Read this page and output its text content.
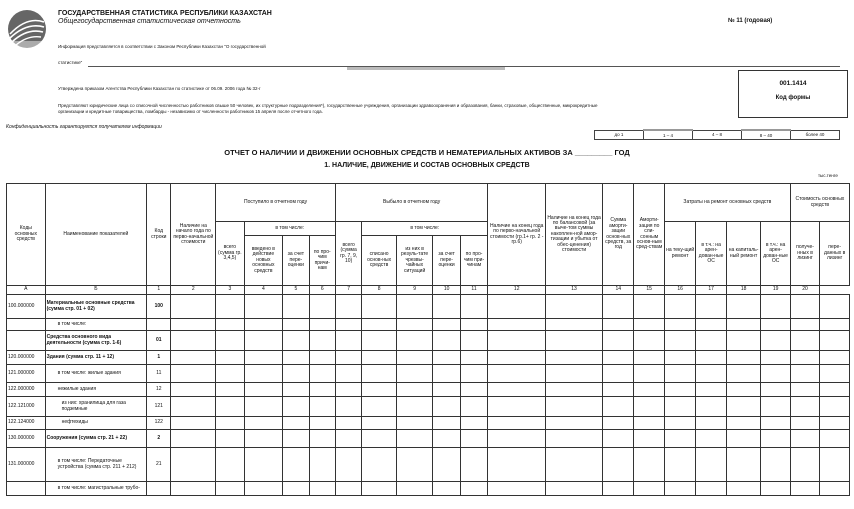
ГОСУДАРСТВЕННАЯ СТАТИСТИКА РЕСПУБЛИКИ КАЗАХСТАН
Общегосударственная статистическая отчетность	№ 11 (годовая)
Информация представляется в соответствии с Законом Республики Казахстан "О государственной
статистике"
Утверждена приказом Агентства Республики Казахстан по статистике от 06.09. 2006 года № 32-г
Представляют юридические лица со списочной численностью работников свыше 50 человек, их структурные подразделения*), государственные учреждения, организации здравоохранения и образования, банки, страховые, общественные, микрокредитные организации и кредитные товарищества, ломбарды - независимо от численности работников 15 апреля после отчетного года.
001.1414
Код формы
Конфиденциальность гарантируется получателем информации
до 1	1 – 4	4 – 8	8 – 40	более 40
ОТЧЕТ О НАЛИЧИИ И ДВИЖЕНИИ ОСНОВНЫХ СРЕДСТВ И НЕМАТЕРИАЛЬНЫХ АКТИВОВ ЗА _________ ГОД
1. НАЛИЧИЕ, ДВИЖЕНИЕ И СОСТАВ ОСНОВНЫХ СРЕДСТВ
тыс.тенге
Коды основных средств	Наименование показателей	Код строки	Наличие на начало года по перво-начальной стоимости	Поступило в отчетном году				Выбыло в отчетном году					Наличие на конец года по перво-начальной стоимости (гр.1+ гр. 2 - гр.6)	Наличие на конец года по балансовой (за выче-том суммы накоплен-ной амор-тизации и убытка от обес-ценения) стоимости	Сумма аморти-зации основ-ных средств, за год	Аморти-зация по сли-сонным основ-ным сред-ствам	Затраты на ремонт основных средств				Стоимость основных средств	
				всего (сумма гр. 3,4,5)	в том числе:			всего (сумма гр. 7, 9, 10)	в том числе:								на теку-щий ремонт	в т.ч.: на арен-дован-ные ОС	на капиталь-ный ремонт	в т.ч.: на арен-дован-ные ОС	получе-нных в лизинг	пере-данных в лизинг
					введено в действие новых основных средств	за счет пере-оценки	по про-чим причи-нам		списано основ-ных средств	из них в резуль-тате чрезвы-чайных ситуаций	за счет пере-оценки	по про-чим при-чинам										
А	Б	1	2	3	4	5	6	7	8	9	10	11	12	13	14	15	16	17	18	19	20	
100.000000	Материальные основные средства (сумма стр. 01 + 02)	100																				
	в том числе:																					
	Средства основного вида деятельности (сумма стр. 1-6)	01																				
120.000000	Здания (сумма стр. 11 + 12)	1																				
121.000000	в том числе: жилые здания	11																				
122.000000	нежилые здания	12																				
122.121000	из них: хранилища для газа подземные	121																				
122.124000	нефтехиды	122																				
130.000000	Сооружения (сумма стр. 21 + 22)	2																				
131.000000	в том числе: Передаточные устройства (сумма стр. 211 + 212)	21																				
	в том числе: магистральные трубо-																					
